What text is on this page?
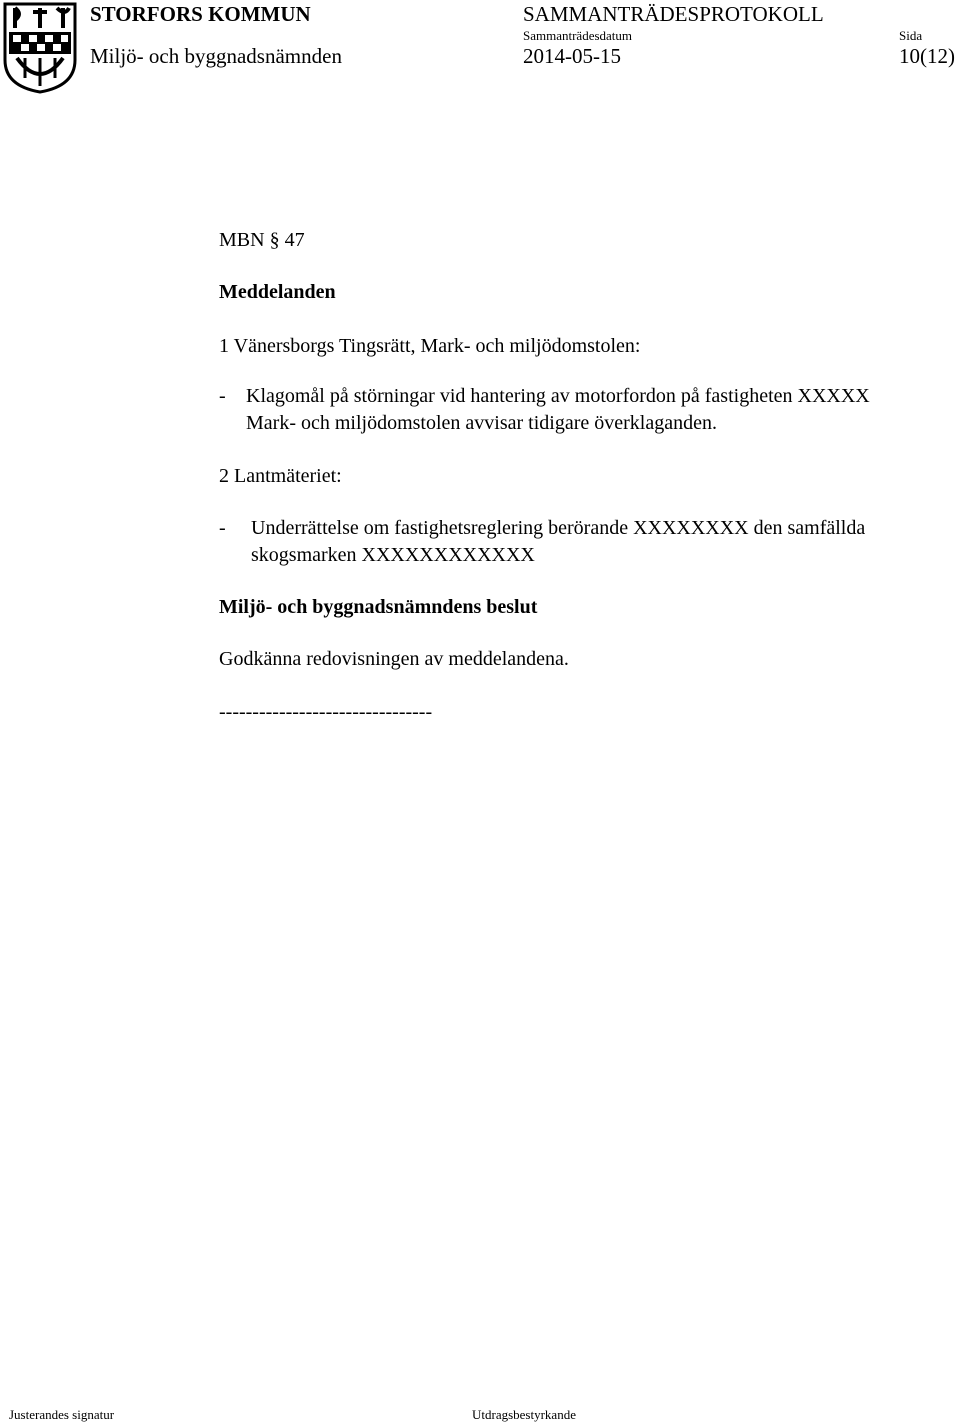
STORFORS KOMMUN
Miljö- och byggnadsnämnden
SAMMANTRÄDESPROTOKOLL
Sammanträdesdatum
2014-05-15
Sida
10(12)
MBN § 47
Meddelanden
1 Vänersborgs Tingsrätt, Mark- och miljödomstolen:
- Klagomål på störningar vid hantering av motorfordon på fastigheten XXXXX
Mark- och miljödomstolen avvisar tidigare överklaganden.
2 Lantmäteriet:
- Underrättelse om fastighetsreglering berörande XXXXXXXX den samfällda
skogsmarken XXXXXXXXXXXX
Miljö- och byggnadsnämndens beslut
Godkänna redovisningen av meddelandena.
--------------------------------
Justerandes signatur	Utdragsbestyrkande
